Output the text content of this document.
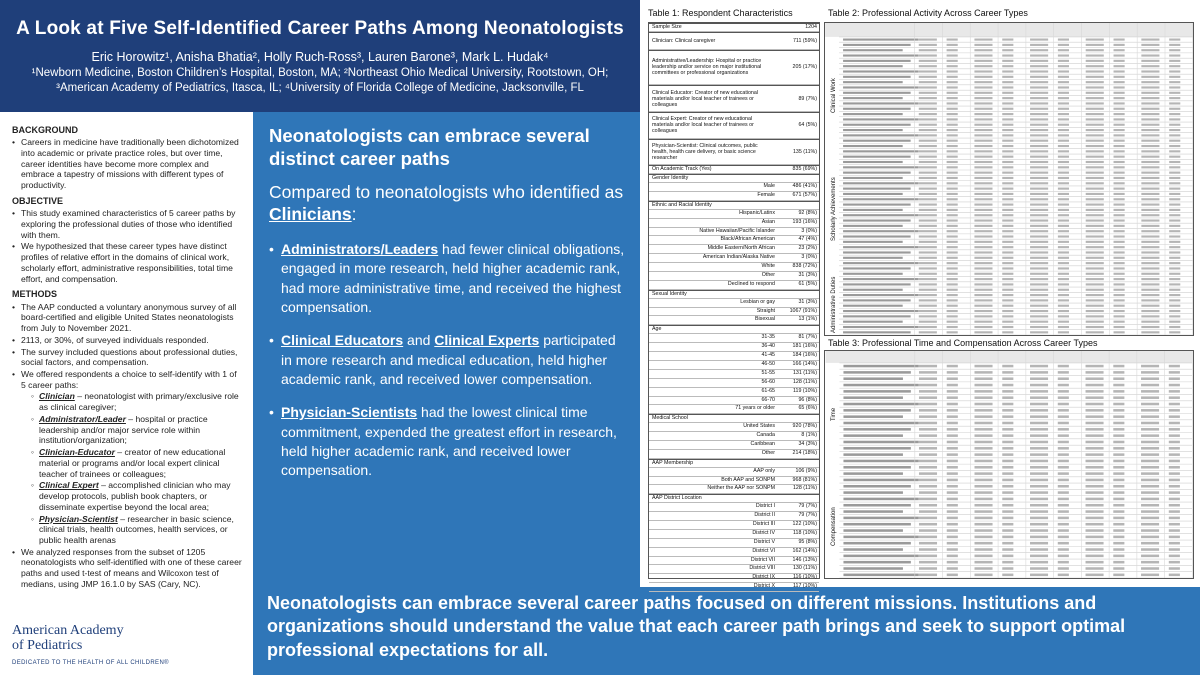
A Look at Five Self-Identified Career Paths Among Neonatologists
Eric Horowitz¹, Anisha Bhatia², Holly Ruch-Ross³, Lauren Barone³, Mark L. Hudak⁴
¹Newborn Medicine, Boston Children’s Hospital, Boston, MA; ²Northeast Ohio Medical University, Rootstown, OH;
³American Academy of Pediatrics, Itasca, IL; ⁴University of Florida College of Medicine, Jacksonville, FL
BACKGROUND
• Careers in medicine have traditionally been dichotomized into academic or private practice roles, but over time, career identities have become more complex and embrace a tapestry of missions with different types of productivity.
OBJECTIVE
• This study examined characteristics of 5 career paths by exploring the professional duties of those who identified with them.
• We hypothesized that these career types have distinct profiles of relative effort in the domains of clinical work, scholarly effort, administrative responsibilities, total time effort, and compensation.
METHODS
• The AAP conducted a voluntary anonymous survey of all board-certified and eligible United States neonatologists from July to November 2021.
• 2113, or 30%, of surveyed individuals responded.
• The survey included questions about professional duties, social factors, and compensation.
• We offered respondents a choice to self-identify with 1 of 5 career paths:
◦ Clinician – neonatologist with primary/exclusive role as clinical caregiver;
◦ Administrator/Leader – hospital or practice leadership and/or major service role within institution/organization;
◦ Clinician-Educator – creator of new educational material or programs and/or local expert clinical teacher of trainees or colleagues;
◦ Clinical Expert – accomplished clinician who may develop protocols, publish book chapters, or disseminate expertise beyond the local area;
◦ Physician-Scientist – researcher in basic science, clinical trials, health outcomes, health services, or public health arenas
• We analyzed responses from the subset of 1205 neonatologists who self-identified with one of these career paths and used t-test of means and Wilcoxon test of medians, using JMP 16.1.0 by SAS (Cary, NC).
American Academy
of Pediatrics
DEDICATED TO THE HEALTH OF ALL CHILDREN®
Neonatologists can embrace several distinct career paths
Compared to neonatologists who identified as Clinicians:
• Administrators/Leaders had fewer clinical obligations, engaged in more research, held higher academic rank, had more administrative time, and received the highest compensation.
• Clinical Educators and Clinical Experts participated in more research and medical education, held higher academic rank, and received lower compensation.
• Physician-Scientists had the lowest clinical time commitment, expended the greatest effort in research, held higher academic rank, and received lower compensation.
Neonatologists can embrace several career paths focused on different missions. Institutions and organizations should understand the value that each career path brings and seek to support optimal professional expectations for all.
Table 1: Respondent Characteristics	Table 2: Professional Activity Across Career Types
Table 3: Professional Time and Compensation Across Career Types
Sample Size	1204
Clinician: Clinical caregiver	711 (59%)
Administrative/Leadership: Hospital or practice leadership and/or service on major institutional committees or professional organizations
205 (17%)
Clinical Educator: Creator of new educational materials and/or local teacher of trainees or colleagues
89 (7%)
Clinical Expert: Creator of new educational materials and/or local teacher of trainees or colleagues
64 (5%)
Physician-Scientist: Clinical outcomes, public health, health care delivery, or basic science researcher
135 (11%)
On Academic Track (Yes)	835 (69%)
Gender Identity
Male	486 (41%)
Female	671 (57%)
Ethnic and Racial Identity
Hispanic/Latinx	92 (8%)
Asian	193 (16%)
Native Hawaiian/Pacific Islander	3 (0%)
Black/African American	47 (4%)
Middle Eastern/North African	23 (2%)
American Indian/Alaska Native	3 (0%)
White	838 (72%)
Other	31 (3%)
Declined to respond	61 (5%)
Sexual Identity
Lesbian or gay	31 (3%)
Straight	1067 (91%)
Bisexual	13 (1%)
Age
31-35	81 (7%)
36-40	181 (16%)
41-45	184 (16%)
46-50	166 (14%)
51-55	131 (11%)
56-60	128 (11%)
61-65	119 (10%)
66-70	96 (8%)
71 years or older	65 (6%)
Medical School
United States	920 (78%)
Canada	8 (1%)
Caribbean	34 (3%)
Other	214 (18%)
AAP Membership
AAP only	106 (9%)
Both AAP and SONPM	968 (81%)
Neither the AAP nor SONPM	128 (11%)
AAP District Location
District I	79 (7%)
District II	79 (7%)
District III	122 (10%)
District IV	118 (10%)
District V	95 (8%)
District VI	162 (14%)
District VII	146 (13%)
District VIII	130 (11%)
District IX	116 (10%)
District X	117 (10%)
Clinical Work
Scholarly Achievements
Administrative Duties
Time
Compensation
